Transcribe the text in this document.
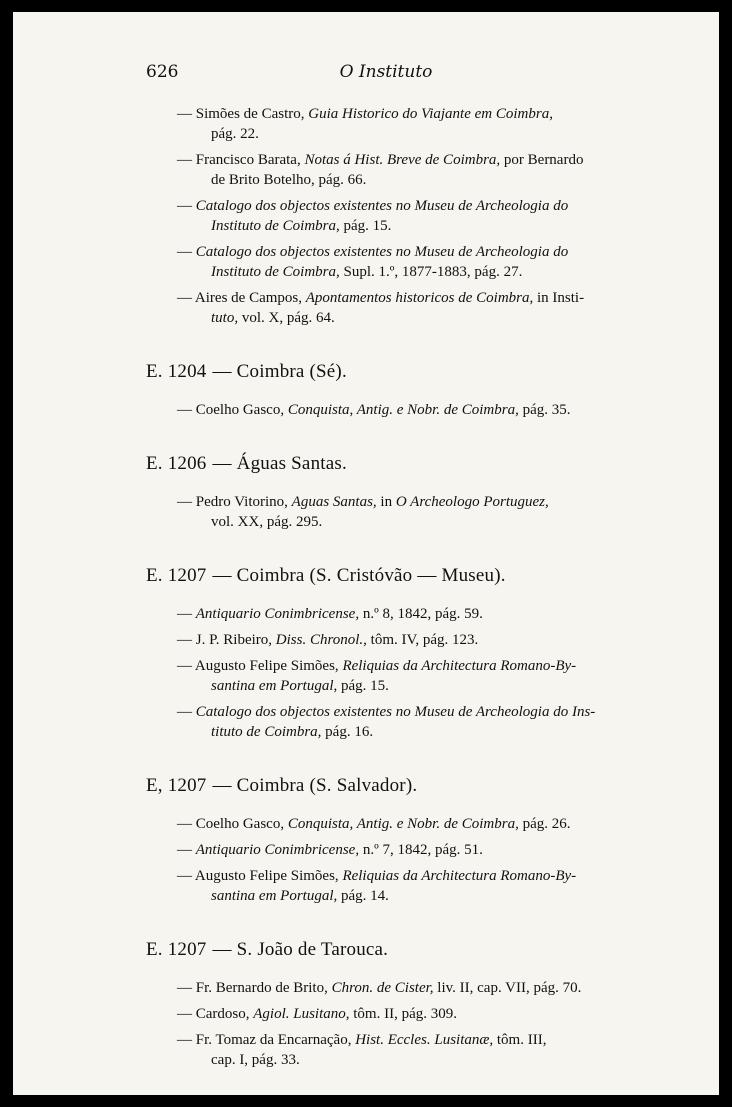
626	O Instituto
— Simões de Castro, Guia Historico do Viajante em Coimbra,
pág. 22.
— Francisco Barata, Notas á Hist. Breve de Coimbra, por Bernardo
de Brito Botelho, pág. 66.
— Catalogo dos objectos existentes no Museu de Archeologia do
Instituto de Coimbra, pág. 15.
— Catalogo dos objectos existentes no Museu de Archeologia do
Instituto de Coimbra, Supl. 1.º, 1877-1883, pág. 27.
— Aires de Campos, Apontamentos historicos de Coimbra, in Insti-
tuto, vol. X, pág. 64.
E. 1204 — Coimbra (Sé).
— Coelho Gasco, Conquista, Antig. e Nobr. de Coimbra, pág. 35.
E. 1206 — Águas Santas.
— Pedro Vitorino, Aguas Santas, in O Archeologo Portuguez,
vol. XX, pág. 295.
E. 1207 — Coimbra (S. Cristóvão — Museu).
— Antiquario Conimbricense, n.º 8, 1842, pág. 59.
— J. P. Ribeiro, Diss. Chronol., tôm. IV, pág. 123.
— Augusto Felipe Simões, Reliquias da Architectura Romano-By-
santina em Portugal, pág. 15.
— Catalogo dos objectos existentes no Museu de Archeologia do Ins-
tituto de Coimbra, pág. 16.
E, 1207 — Coimbra (S. Salvador).
— Coelho Gasco, Conquista, Antig. e Nobr. de Coimbra, pág. 26.
— Antiquario Conimbricense, n.º 7, 1842, pág. 51.
— Augusto Felipe Simões, Reliquias da Architectura Romano-By-
santina em Portugal, pág. 14.
E. 1207 — S. João de Tarouca.
— Fr. Bernardo de Brito, Chron. de Cister, liv. II, cap. VII, pág. 70.
— Cardoso, Agiol. Lusitano, tôm. II, pág. 309.
— Fr. Tomaz da Encarnação, Hist. Eccles. Lusitanæ, tôm. III,
cap. I, pág. 33.
